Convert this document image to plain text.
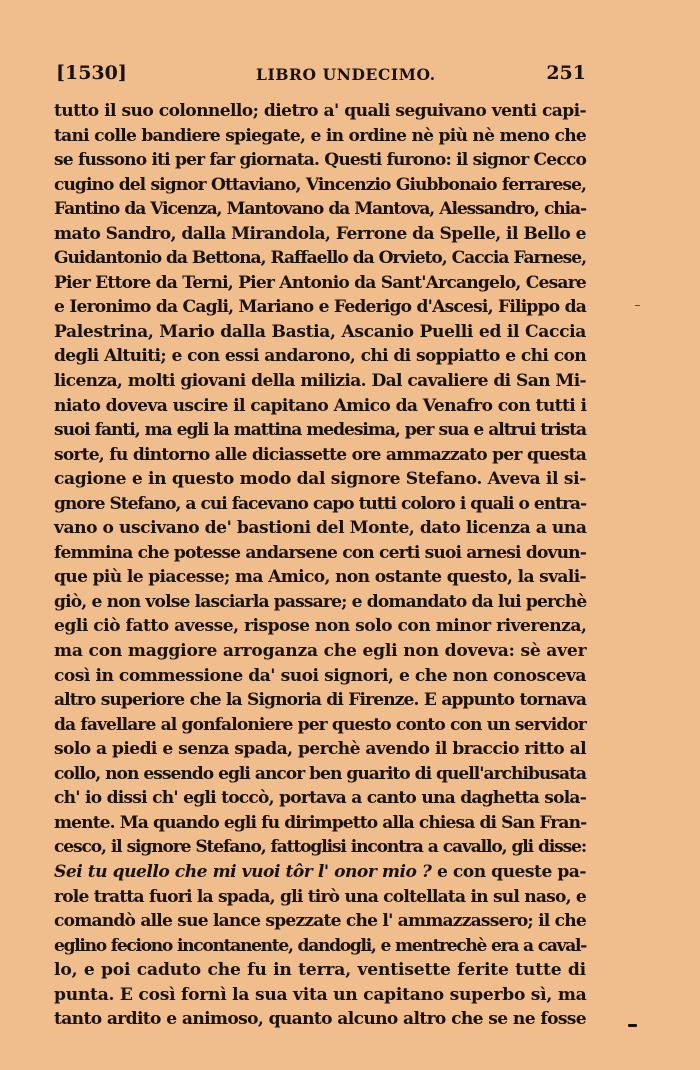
[1530]	LIBRO UNDECIMO.	251
tutto il suo colonnello; dietro a' quali seguivano venti capi-
tani colle bandiere spiegate, e in ordine nè più nè meno che
se fussono iti per far giornata. Questi furono: il signor Cecco
cugino del signor Ottaviano, Vincenzio Giubbonaio ferrarese,
Fantino da Vicenza, Mantovano da Mantova, Alessandro, chia-
mato Sandro, dalla Mirandola, Ferrone da Spelle, il Bello e
Guidantonio da Bettona, Raffaello da Orvieto, Caccia Farnese,
Pier Ettore da Terni, Pier Antonio da Sant'Arcangelo, Cesare
e Ieronimo da Cagli, Mariano e Federigo d'Ascesi, Filippo da
Palestrina, Mario dalla Bastia, Ascanio Puelli ed il Caccia
degli Altuiti; e con essi andarono, chi di soppiatto e chi con
licenza, molti giovani della milizia. Dal cavaliere di San Mi-
niato doveva uscire il capitano Amico da Venafro con tutti i
suoi fanti, ma egli la mattina medesima, per sua e altrui trista
sorte, fu dintorno alle diciassette ore ammazzato per questa
cagione e in questo modo dal signore Stefano. Aveva il si-
gnore Stefano, a cui facevano capo tutti coloro i quali o entra-
vano o uscivano de' bastioni del Monte, dato licenza a una
femmina che potesse andarsene con certi suoi arnesi dovun-
que più le piacesse; ma Amico, non ostante questo, la svali-
giò, e non volse lasciarla passare; e domandato da lui perchè
egli ciò fatto avesse, rispose non solo con minor riverenza,
ma con maggiore arroganza che egli non doveva: sè aver
così in commessione da' suoi signori, e che non conosceva
altro superiore che la Signoria di Firenze. E appunto tornava
da favellare al gonfaloniere per questo conto con un servidor
solo a piedi e senza spada, perchè avendo il braccio ritto al
collo, non essendo egli ancor ben guarito di quell'archibusata
ch' io dissi ch' egli toccò, portava a canto una daghetta sola-
mente. Ma quando egli fu dirimpetto alla chiesa di San Fran-
cesco, il signore Stefano, fattoglisi incontra a cavallo, gli disse:
Sei tu quello che mi vuoi tôr l' onor mio ? e con queste pa-
role tratta fuori la spada, gli tirò una coltellata in sul naso, e
comandò alle sue lance spezzate che l' ammazzassero; il che
eglino feciono incontanente, dandogli, e mentrechè era a caval-
lo, e poi caduto che fu in terra, ventisette ferite tutte di
punta. E così fornì la sua vita un capitano superbo sì, ma
tanto ardito e animoso, quanto alcuno altro che se ne fosse
